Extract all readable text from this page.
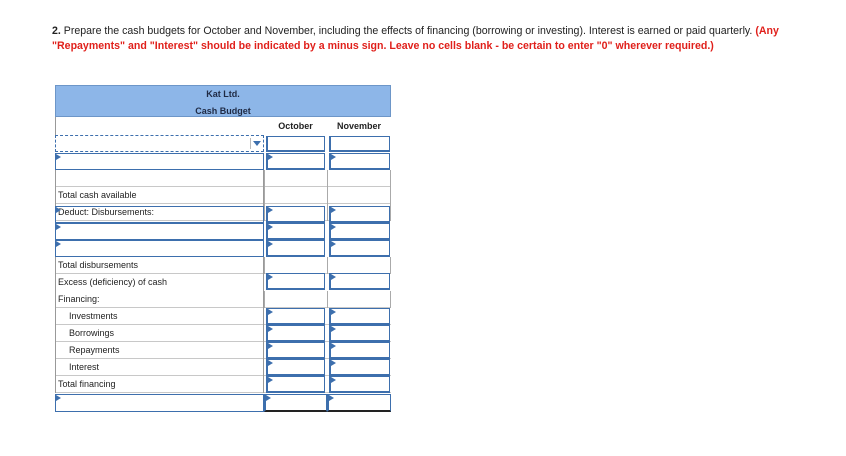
2. Prepare the cash budgets for October and November, including the effects of financing (borrowing or investing). Interest is earned or paid quarterly. (Any "Repayments" and "Interest" should be indicated by a minus sign. Leave no cells blank - be certain to enter "0" wherever required.)
Kat Ltd.
Cash Budget
October	November
Total cash available
Deduct: Disbursements:
Total disbursements
Excess (deficiency) of cash
Financing:
Investments
Borrowings
Repayments
Interest
Total financing
